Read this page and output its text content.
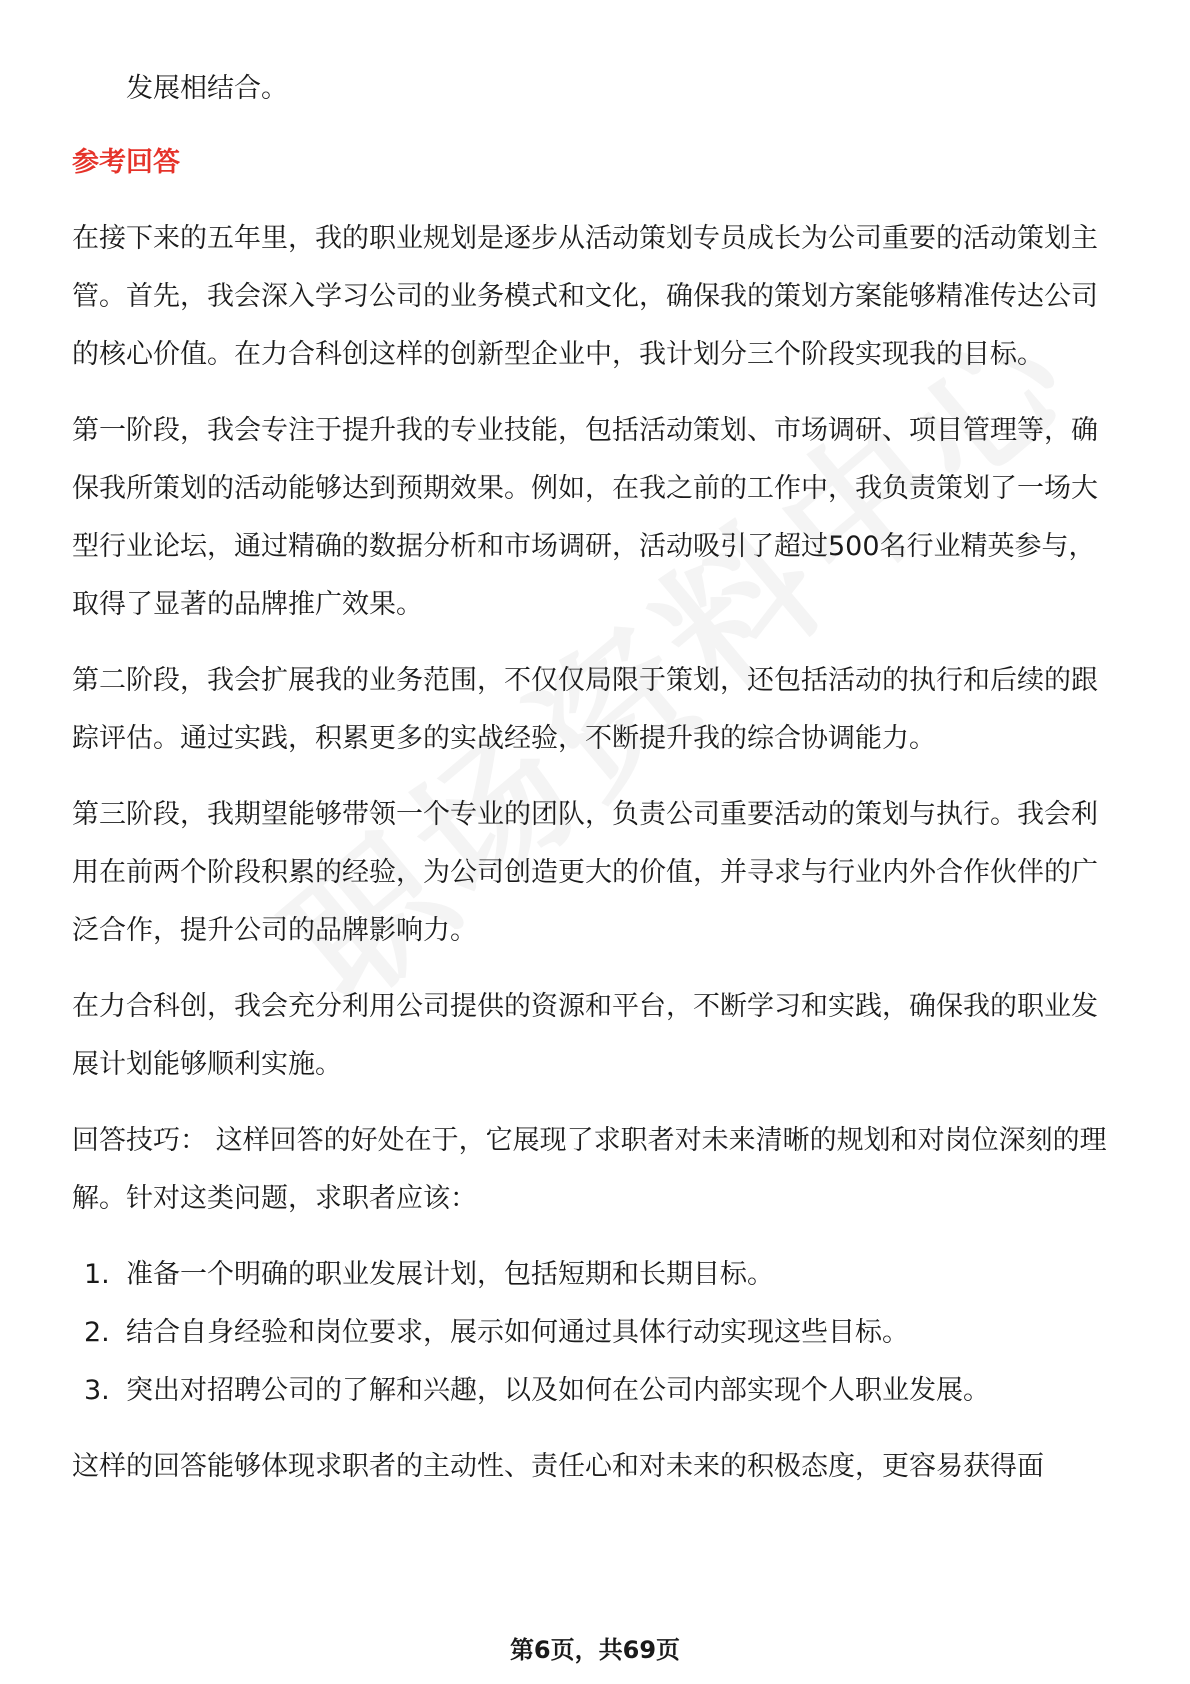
发展相结合。

参考回答

在接下来的五年里，我的职业规划是逐步从活动策划专员成长为公司重要的活动策划主管。首先，我会深入学习公司的业务模式和文化，确保我的策划方案能够精准传达公司的核心价值。在力合科创这样的创新型企业中，我计划分三个阶段实现我的目标。

第一阶段，我会专注于提升我的专业技能，包括活动策划、市场调研、项目管理等，确保我所策划的活动能够达到预期效果。例如，在我之前的工作中，我负责策划了一场大型行业论坛，通过精确的数据分析和市场调研，活动吸引了超过500名行业精英参与，取得了显著的品牌推广效果。

第二阶段，我会扩展我的业务范围，不仅仅局限于策划，还包括活动的执行和后续的跟踪评估。通过实践，积累更多的实战经验，不断提升我的综合协调能力。

第三阶段，我期望能够带领一个专业的团队，负责公司重要活动的策划与执行。我会利用在前两个阶段积累的经验，为公司创造更大的价值，并寻求与行业内外合作伙伴的广泛合作，提升公司的品牌影响力。

在力合科创，我会充分利用公司提供的资源和平台，不断学习和实践，确保我的职业发展计划能够顺利实施。

回答技巧： 这样回答的好处在于，它展现了求职者对未来清晰的规划和对岗位深刻的理解。针对这类问题，求职者应该：

1. 准备一个明确的职业发展计划，包括短期和长期目标。
2. 结合自身经验和岗位要求，展示如何通过具体行动实现这些目标。
3. 突出对招聘公司的了解和兴趣，以及如何在公司内部实现个人职业发展。

这样的回答能够体现求职者的主动性、责任心和对未来的积极态度，更容易获得面

第6页，共69页
